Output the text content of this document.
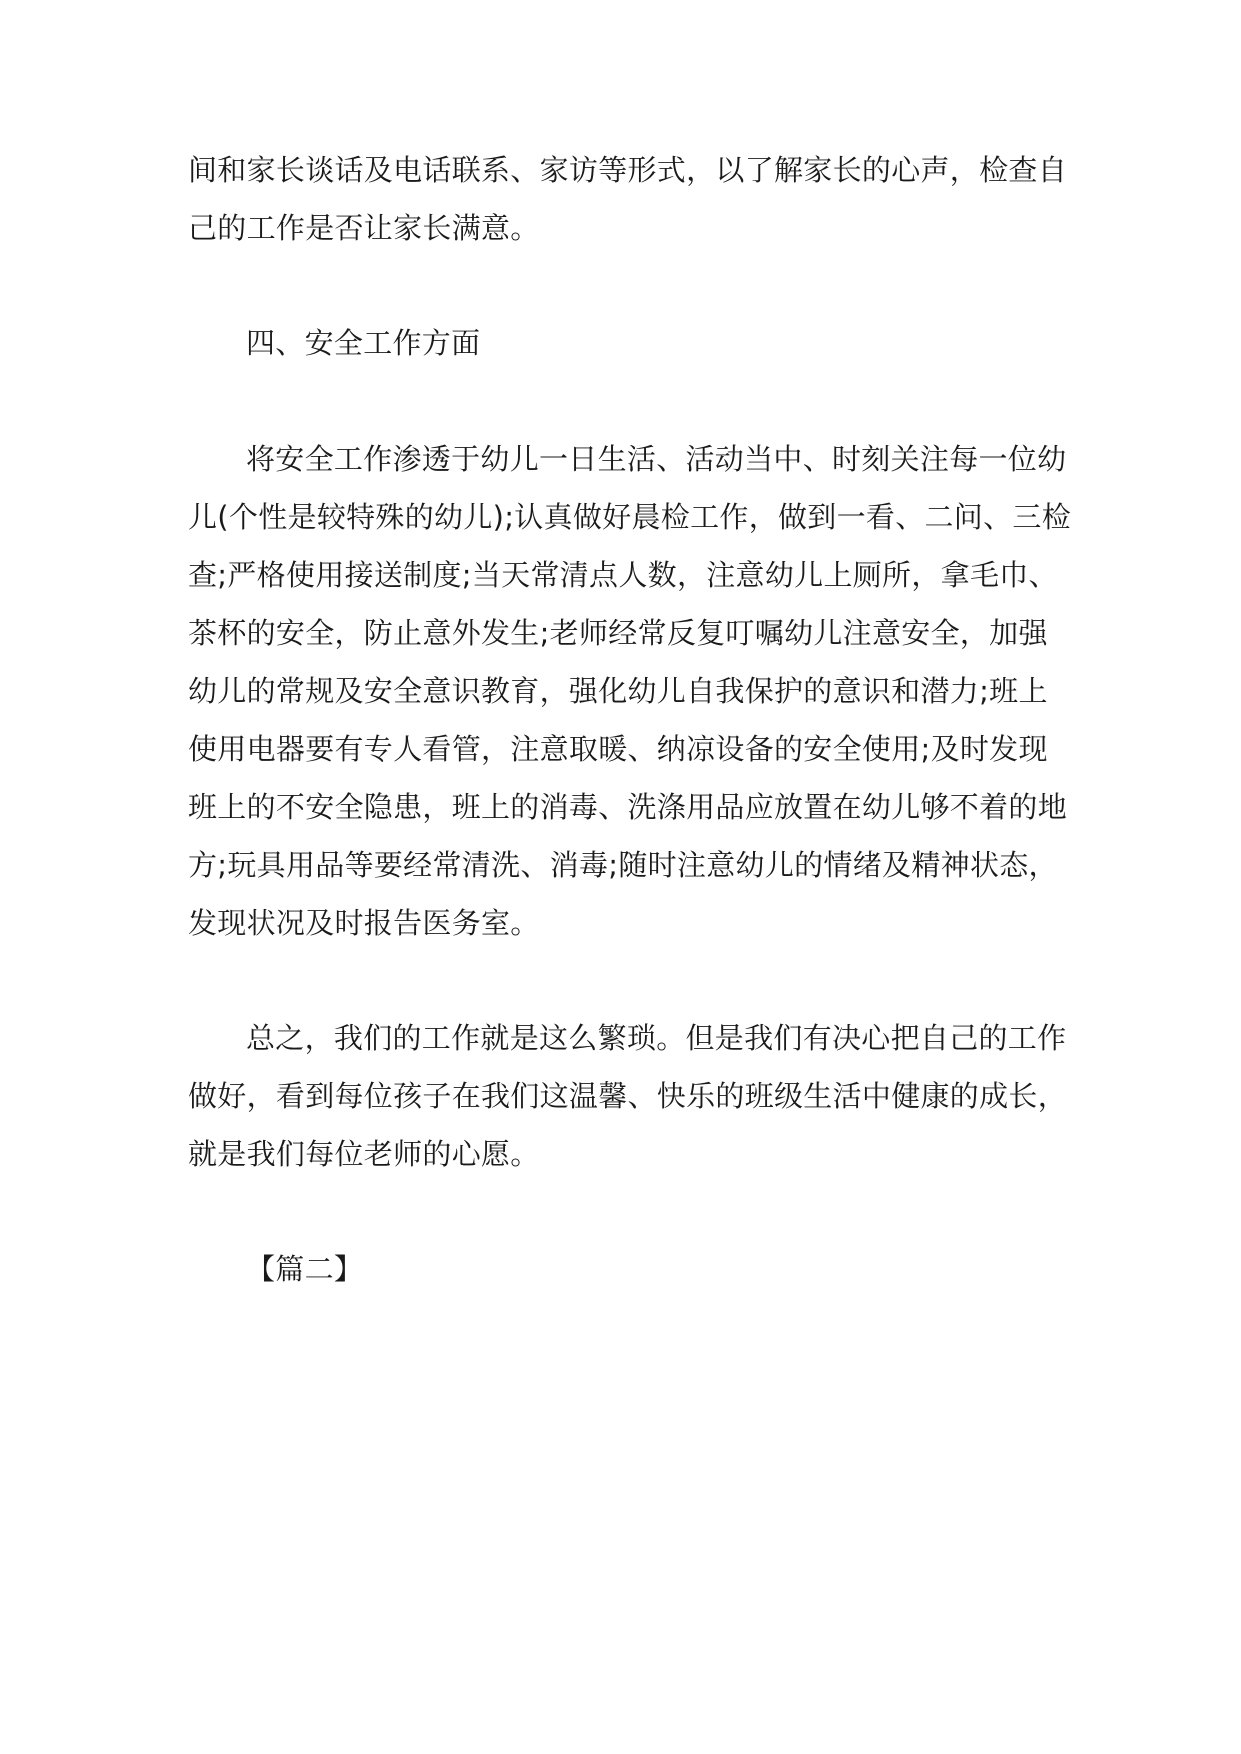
间和家长谈话及电话联系、家访等形式，以了解家长的心声，检查自
己的工作是否让家长满意。
四、安全工作方面
将安全工作渗透于幼儿一日生活、活动当中、时刻关注每一位幼
儿(个性是较特殊的幼儿);认真做好晨检工作，做到一看、二问、三检
查;严格使用接送制度;当天常清点人数，注意幼儿上厕所，拿毛巾、
茶杯的安全，防止意外发生;老师经常反复叮嘱幼儿注意安全，加强
幼儿的常规及安全意识教育，强化幼儿自我保护的意识和潜力;班上
使用电器要有专人看管，注意取暖、纳凉设备的安全使用;及时发现
班上的不安全隐患，班上的消毒、洗涤用品应放置在幼儿够不着的地
方;玩具用品等要经常清洗、消毒;随时注意幼儿的情绪及精神状态，
发现状况及时报告医务室。
总之，我们的工作就是这么繁琐。但是我们有决心把自己的工作
做好，看到每位孩子在我们这温馨、快乐的班级生活中健康的成长，
就是我们每位老师的心愿。
【篇二】
